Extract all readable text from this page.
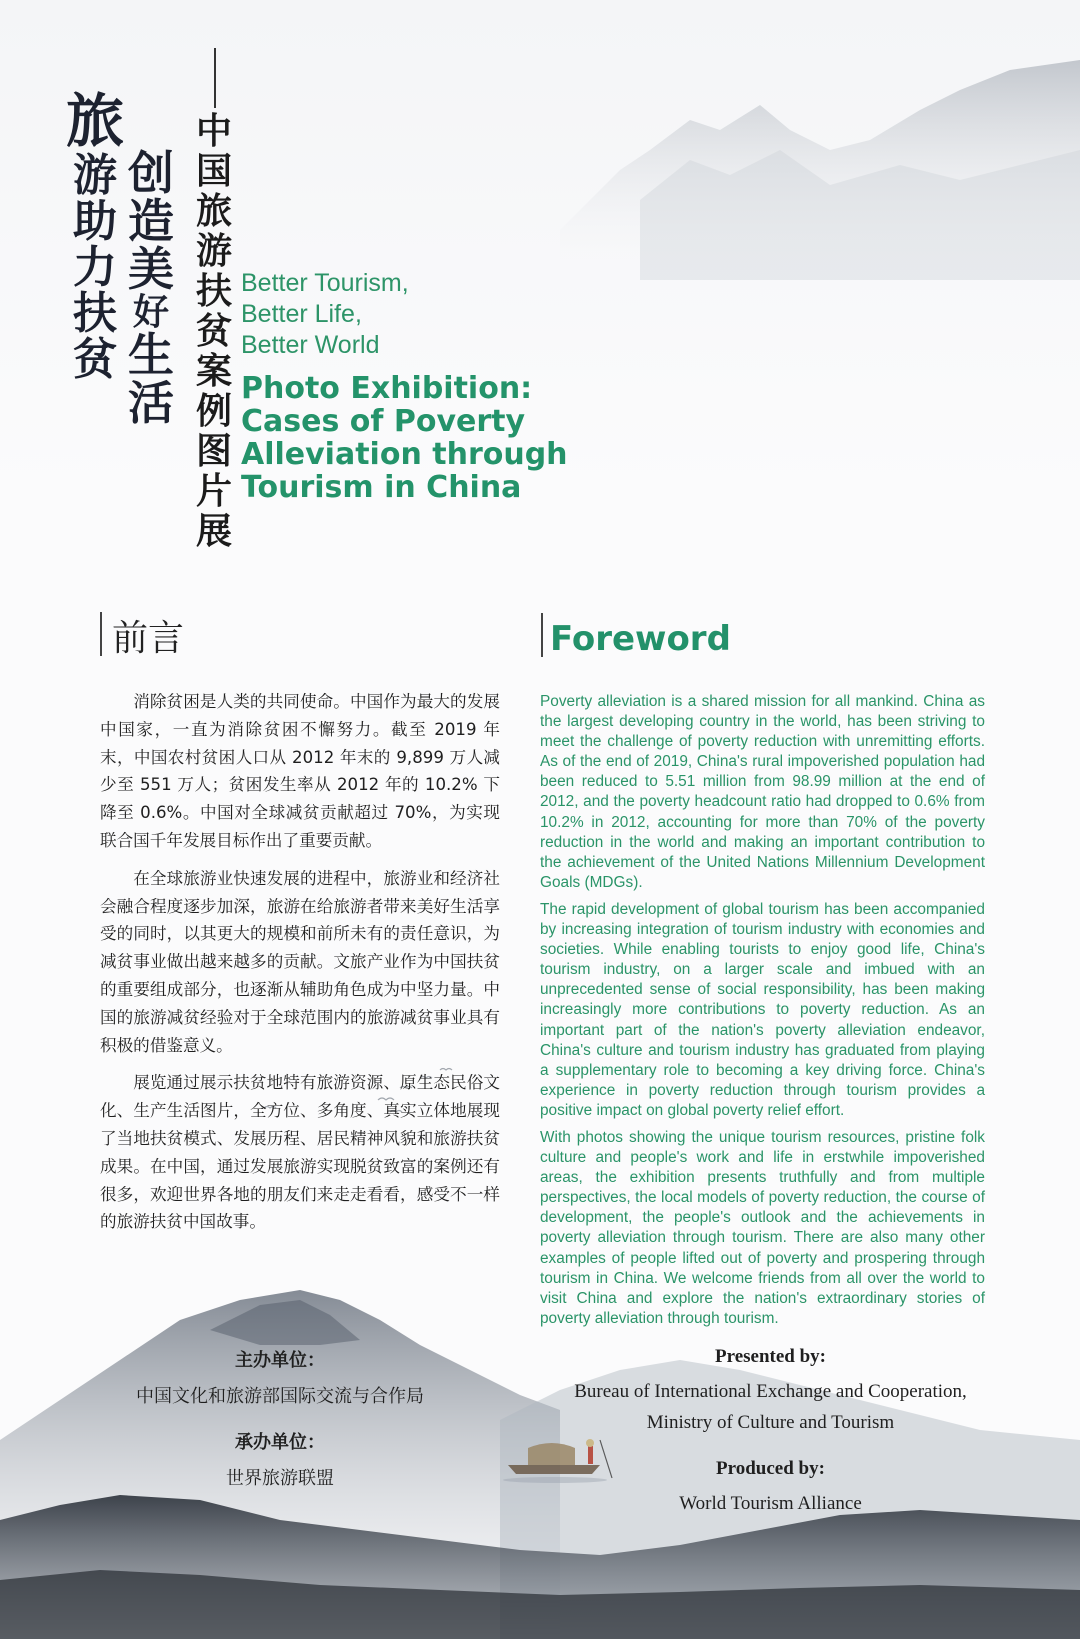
旅
游
助
力
扶
贫
创
造
美
好
生
活
中
国
旅
游
扶
贫
案
例
图
片
展
Better Tourism,
Better Life,
Better World
Photo Exhibition:
Cases of Poverty
Alleviation through
Tourism in China
前言

消除贫困是人类的共同使命。中国作为最大的发展中国家，一直为消除贫困不懈努力。截至 2019 年末，中国农村贫困人口从 2012 年末的 9,899 万人减少至 551 万人；贫困发生率从 2012 年的 10.2% 下降至 0.6%。中国对全球减贫贡献超过 70%，为实现联合国千年发展目标作出了重要贡献。

在全球旅游业快速发展的进程中，旅游业和经济社会融合程度逐步加深，旅游在给旅游者带来美好生活享受的同时，以其更大的规模和前所未有的责任意识，为减贫事业做出越来越多的贡献。文旅产业作为中国扶贫的重要组成部分，也逐渐从辅助角色成为中坚力量。中国的旅游减贫经验对于全球范围内的旅游减贫事业具有积极的借鉴意义。

展览通过展示扶贫地特有旅游资源、原生态民俗文化、生产生活图片，全方位、多角度、真实立体地展现了当地扶贫模式、发展历程、居民精神风貌和旅游扶贫成果。在中国，通过发展旅游实现脱贫致富的案例还有很多，欢迎世界各地的朋友们来走走看看，感受不一样的旅游扶贫中国故事。

Foreword

Poverty alleviation is a shared mission for all mankind. China as the largest developing country in the world, has been striving to meet the challenge of poverty reduction with unremitting efforts. As of the end of 2019, China's rural impoverished population had been reduced to 5.51 million from 98.99 million at the end of 2012, and the poverty headcount ratio had dropped to 0.6% from 10.2% in 2012, accounting for more than 70% of the poverty reduction in the world and making an important contribution to the achievement of the United Nations Millennium Development Goals (MDGs).

The rapid development of global tourism has been accompanied by increasing integration of tourism industry with economies and societies. While enabling tourists to enjoy good life, China's tourism industry, on a larger scale and imbued with an unprecedented sense of social responsibility, has been making increasingly more contributions to poverty reduction. As an important part of the nation's poverty alleviation endeavor, China's culture and tourism industry has graduated from playing a supplementary role to becoming a key driving force. China's experience in poverty reduction through tourism provides a positive impact on global poverty relief effort.

With photos showing the unique tourism resources, pristine folk culture and people's work and life in erstwhile impoverished areas, the exhibition presents truthfully and from multiple perspectives, the local models of poverty reduction, the course of development, the people's outlook and the achievements in poverty alleviation through tourism. There are also many other examples of people lifted out of poverty and prospering through tourism in China. We welcome friends from all over the world to visit China and explore the nation's extraordinary stories of poverty alleviation through tourism.

主办单位：
中国文化和旅游部国际交流与合作局
承办单位：
世界旅游联盟
Presented by:
Bureau of International Exchange and Cooperation,
Ministry of Culture and Tourism
Produced by:
World Tourism Alliance
